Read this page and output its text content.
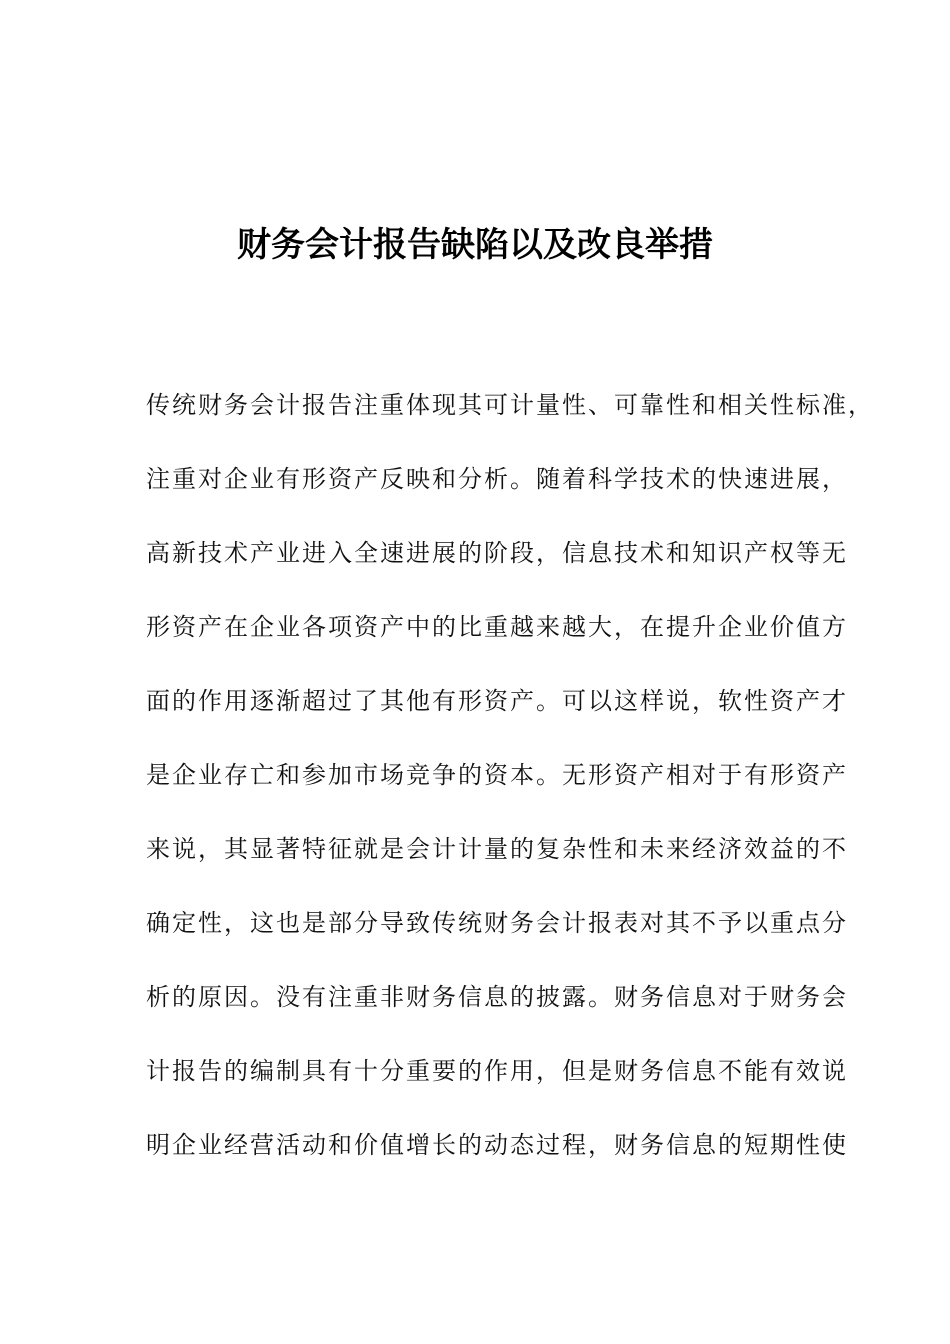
财务会计报告缺陷以及改良举措
传统财务会计报告注重体现其可计量性、可靠性和相关性标准，
注重对企业有形资产反映和分析。随着科学技术的快速进展，
高新技术产业进入全速进展的阶段，信息技术和知识产权等无
形资产在企业各项资产中的比重越来越大，在提升企业价值方
面的作用逐渐超过了其他有形资产。可以这样说，软性资产才
是企业存亡和参加市场竞争的资本。无形资产相对于有形资产
来说，其显著特征就是会计计量的复杂性和未来经济效益的不
确定性，这也是部分导致传统财务会计报表对其不予以重点分
析的原因。没有注重非财务信息的披露。财务信息对于财务会
计报告的编制具有十分重要的作用，但是财务信息不能有效说
明企业经营活动和价值增长的动态过程，财务信息的短期性使
